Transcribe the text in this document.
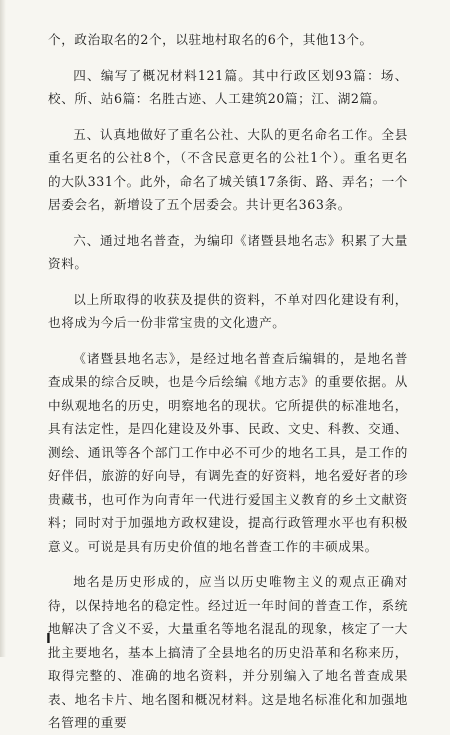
个，政治取名的2个，以驻地村取名的6个，其他13个。

四、编写了概况材料121篇。其中行政区划93篇：场、校、所、站6篇：名胜古迹、人工建筑20篇；江、湖2篇。

五、认真地做好了重名公社、大队的更名命名工作。全县重名更名的公社8个，（不含民意更名的公社1个）。重名更名的大队331个。此外，命名了城关镇17条街、路、弄名；一个居委会名，新增设了五个居委会。共计更名363条。

六、通过地名普查，为编印《诸暨县地名志》积累了大量资料。

以上所取得的收获及提供的资料，不单对四化建设有利，也将成为今后一份非常宝贵的文化遗产。

《诸暨县地名志》，是经过地名普查后编辑的，是地名普查成果的综合反映，也是今后绘编《地方志》的重要依据。从中纵观地名的历史，明察地名的现状。它所提供的标准地名，具有法定性，是四化建设及外事、民政、文史、科教、交通、测绘、通讯等各个部门工作中必不可少的地名工具，是工作的好伴侣，旅游的好向导，有调先查的好资料，地名爱好者的珍贵藏书，也可作为向青年一代进行爱国主义教育的乡土文献资料；同时对于加强地方政权建设，提高行政管理水平也有积极意义。可说是具有历史价值的地名普查工作的丰硕成果。

地名是历史形成的，应当以历史唯物主义的观点正确对待，以保持地名的稳定性。经过近一年时间的普查工作，系统地解决了含义不妥，大量重名等地名混乱的现象，核定了一大批主要地名，基本上搞清了全县地名的历史沿革和名称来历，取得完整的、准确的地名资料，并分别编入了地名普查成果表、地名卡片、地名图和概况材料。这是地名标准化和加强地名管理的重要

I
